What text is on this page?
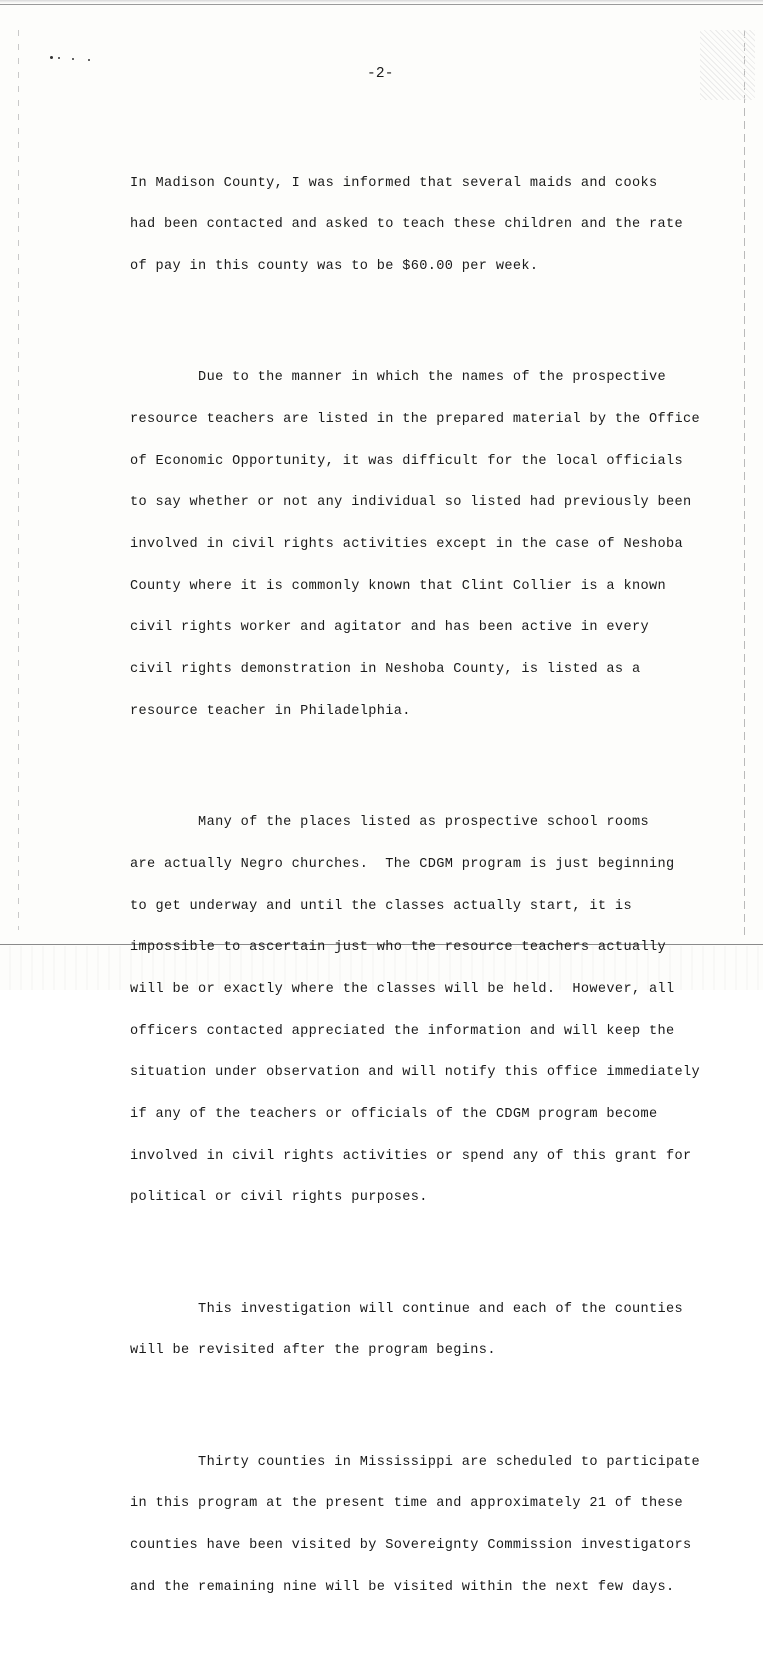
-2-

In Madison County, I was informed that several maids and cooks

had been contacted and asked to teach these children and the rate

of pay in this county was to be $60.00 per week.

Due to the manner in which the names of the prospective

resource teachers are listed in the prepared material by the Office

of Economic Opportunity, it was difficult for the local officials

to say whether or not any individual so listed had previously been

involved in civil rights activities except in the case of Neshoba

County where it is commonly known that Clint Collier is a known

civil rights worker and agitator and has been active in every

civil rights demonstration in Neshoba County, is listed as a

resource teacher in Philadelphia.

Many of the places listed as prospective school rooms

are actually Negro churches.  The CDGM program is just beginning

to get underway and until the classes actually start, it is

impossible to ascertain just who the resource teachers actually

will be or exactly where the classes will be held.  However, all

officers contacted appreciated the information and will keep the

situation under observation and will notify this office immediately

if any of the teachers or officials of the CDGM program become

involved in civil rights activities or spend any of this grant for

political or civil rights purposes.

This investigation will continue and each of the counties

will be revisited after the program begins.

Thirty counties in Mississippi are scheduled to participate

in this program at the present time and approximately 21 of these

counties have been visited by Sovereignty Commission investigators

and the remaining nine will be visited within the next few days.
